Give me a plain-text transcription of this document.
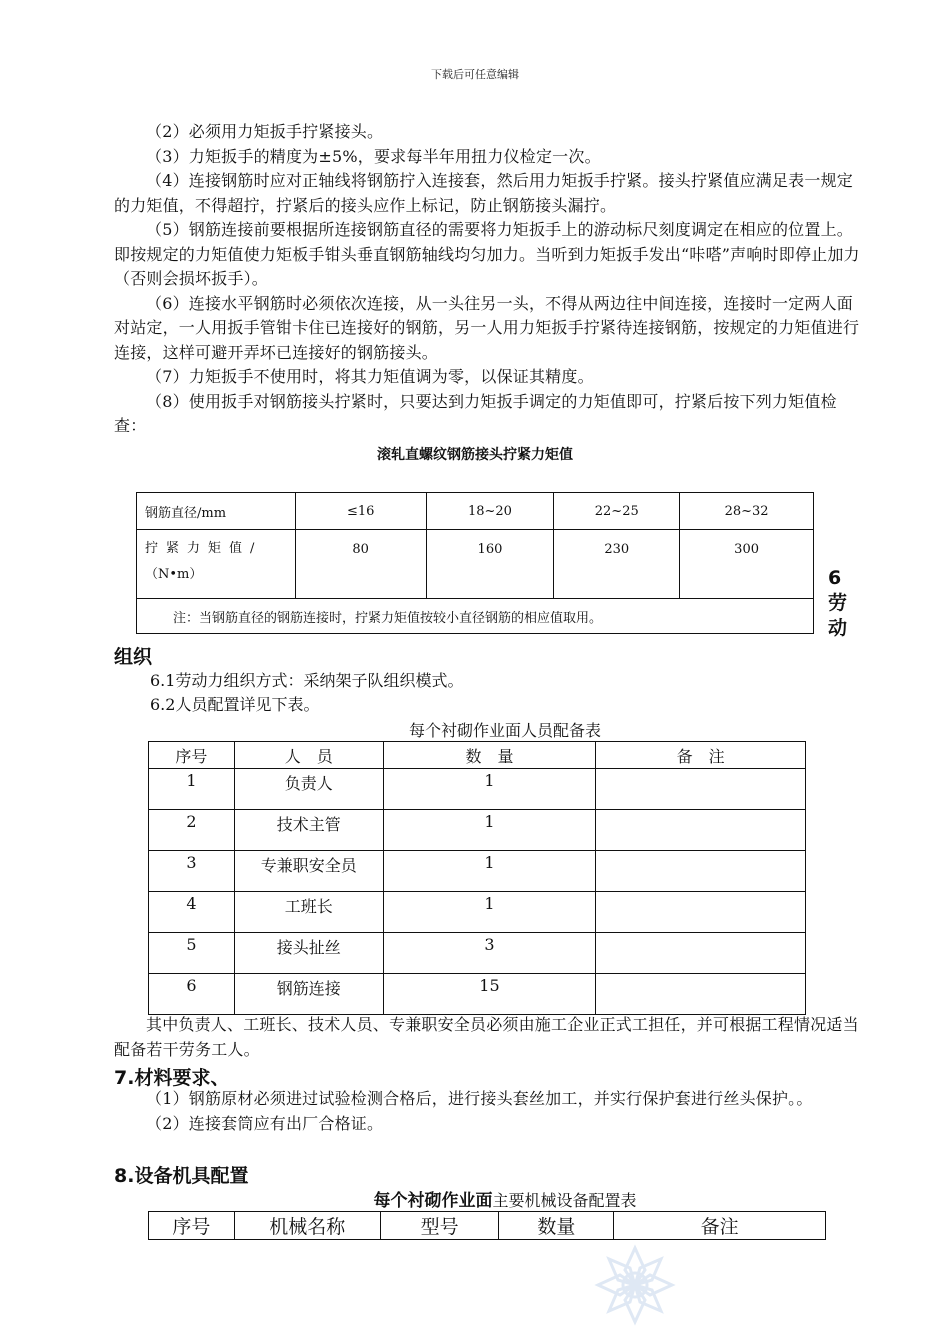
下载后可任意编辑

（2）必须用力矩扳手拧紧接头。

（3）力矩扳手的精度为±5%，要求每半年用扭力仪检定一次。

（4）连接钢筋时应对正轴线将钢筋拧入连接套，然后用力矩扳手拧紧。接头拧紧值应满足表一规定的力矩值，不得超拧，拧紧后的接头应作上标记，防止钢筋接头漏拧。

（5）钢筋连接前要根据所连接钢筋直径的需要将力矩扳手上的游动标尺刻度调定在相应的位置上。即按规定的力矩值使力矩板手钳头垂直钢筋轴线均匀加力。当听到力矩扳手发出“咔嗒”声响时即停止加力（否则会损坏扳手）。

（6）连接水平钢筋时必须依次连接，从一头往另一头，不得从两边往中间连接，连接时一定两人面对站定，一人用扳手管钳卡住已连接好的钢筋，另一人用力矩扳手拧紧待连接钢筋，按规定的力矩值进行连接，这样可避开弄坏已连接好的钢筋接头。

（7）力矩扳手不使用时，将其力矩值调为零，以保证其精度。

（8）使用扳手对钢筋接头拧紧时，只要达到力矩扳手调定的力矩值即可，拧紧后按下列力矩值检查：

滚轧直螺纹钢筋接头拧紧力矩值
钢筋直径/mm	≤16	18~20	22~25	28~32

拧紧力矩值/
（N•m）	80	160	230	300
注：当钢筋直径的钢筋连接时，拧紧力矩值按较小直径钢筋的相应值取用。				
6
劳
动
组织
6.1劳动力组织方式：采纳架子队组织模式。
6.2人员配置详见下表。
每个衬砌作业面人员配备表
序号	人　员	数　量	备　注
1	负责人	1	
2	技术主管	1	
3	专兼职安全员	1	
4	工班长	1	
5	接头扯丝	3	
6	钢筋连接	15	

其中负责人、工班长、技术人员、专兼职安全员必须由施工企业正式工担任，并可根据工程情况适当配备若干劳务工人。

7.材料要求、

（1）钢筋原材必须进过试验检测合格后，进行接头套丝加工，并实行保护套进行丝头保护。。

（2）连接套筒应有出厂合格证。

8.设备机具配置
每个衬砌作业面主要机械设备配置表
序号	机械名称	型号	数量	备注
